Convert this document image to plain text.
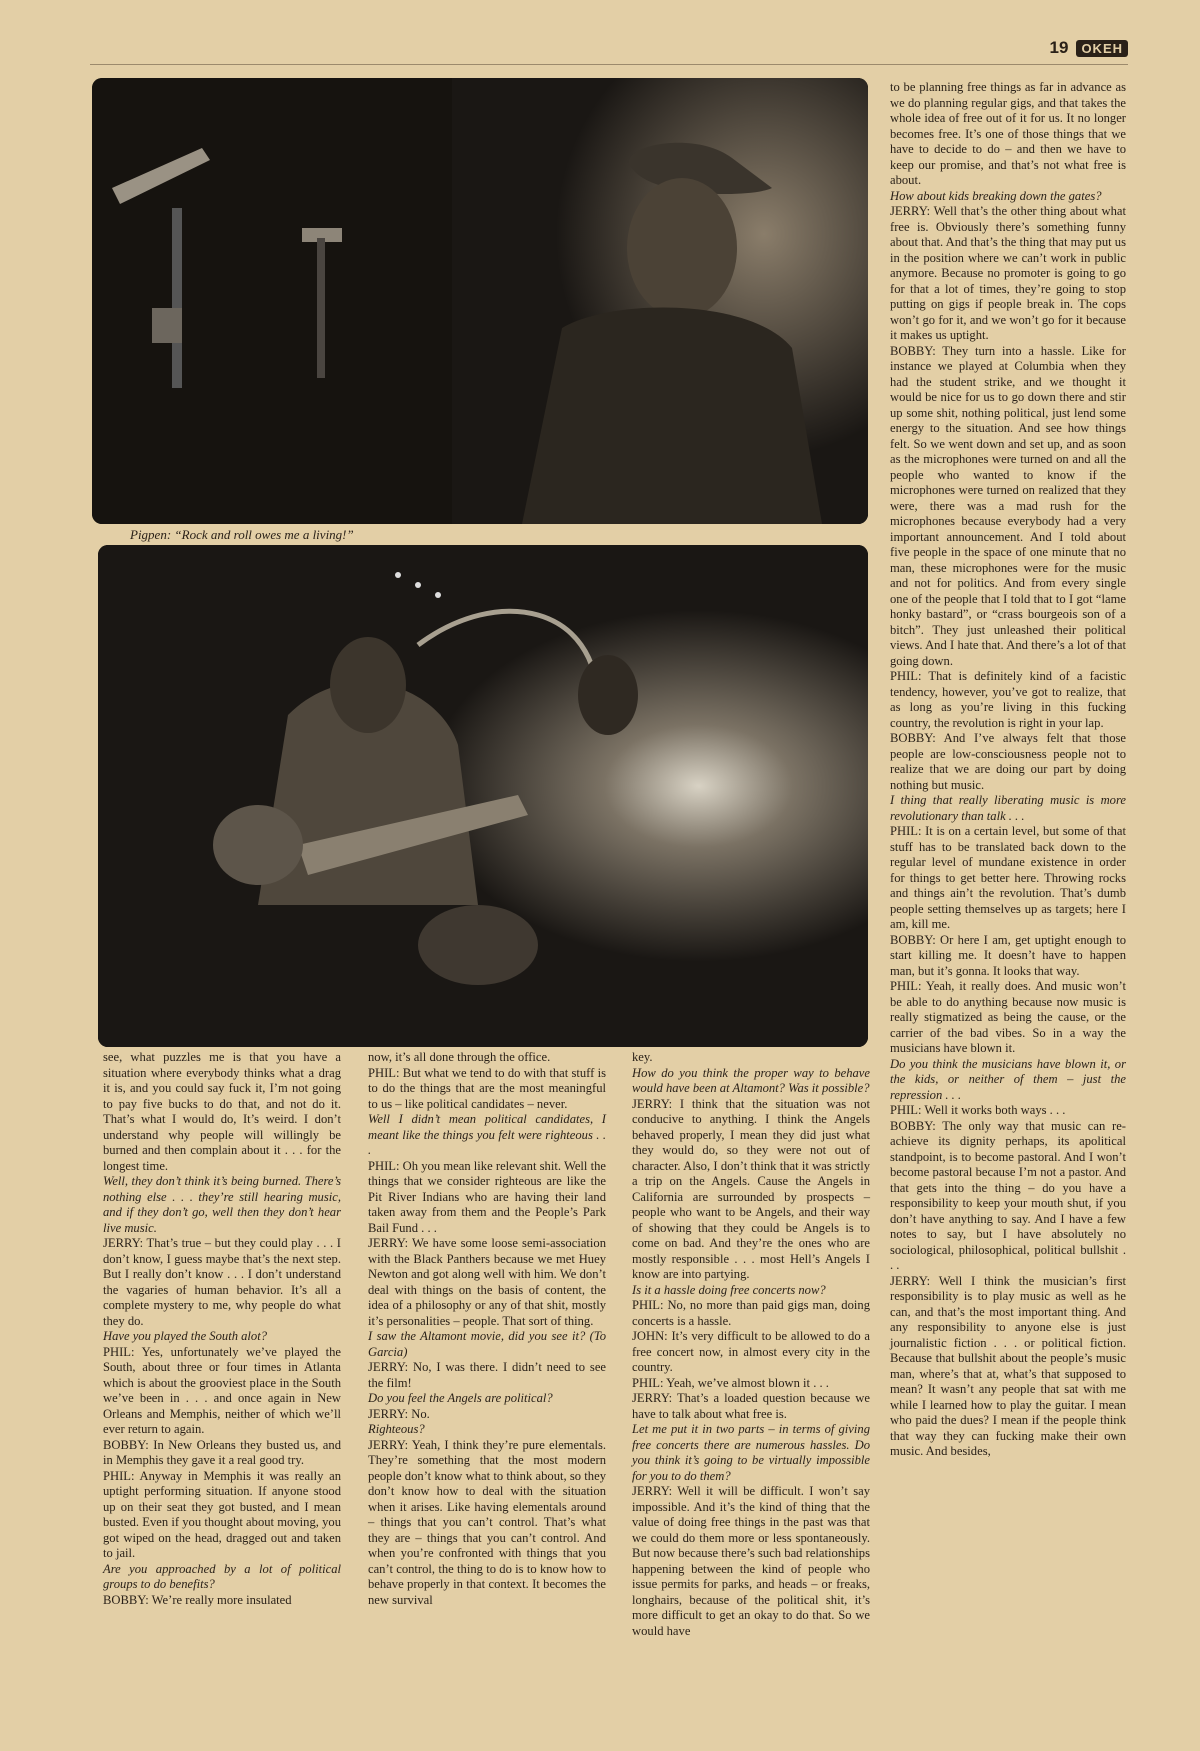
19	OKEH
Pigpen: “Rock and roll owes me a living!”

to be planning free things as far in advance as we do planning regular gigs, and that takes the whole idea of free out of it for us. It no longer becomes free. It’s one of those things that we have to decide to do – and then we have to keep our promise, and that’s not what free is about.

How about kids breaking down the gates?

JERRY: Well that’s the other thing about what free is. Obviously there’s something funny about that. And that’s the thing that may put us in the position where we can’t work in public anymore. Because no promoter is going to go for that a lot of times, they’re going to stop putting on gigs if people break in. The cops won’t go for it, and we won’t go for it because it makes us uptight.

BOBBY: They turn into a hassle. Like for instance we played at Columbia when they had the student strike, and we thought it would be nice for us to go down there and stir up some shit, nothing political, just lend some energy to the situation. And see how things felt. So we went down and set up, and as soon as the microphones were turned on and all the people who wanted to know if the microphones were turned on realized that they were, there was a mad rush for the microphones because everybody had a very important announcement. And I told about five people in the space of one minute that no man, these microphones were for the music and not for politics. And from every single one of the people that I told that to I got “lame honky bastard”, or “crass bourgeois son of a bitch”. They just unleashed their political views. And I hate that. And there’s a lot of that going down.

PHIL: That is definitely kind of a facistic tendency, however, you’ve got to realize, that as long as you’re living in this fucking country, the revolution is right in your lap.

BOBBY: And I’ve always felt that those people are low-consciousness people not to realize that we are doing our part by doing nothing but music.

I thing that really liberating music is more revolutionary than talk . . .

PHIL: It is on a certain level, but some of that stuff has to be translated back down to the regular level of mundane existence in order for things to get better here. Throwing rocks and things ain’t the revolution. That’s dumb people setting themselves up as targets; here I am, kill me.

BOBBY: Or here I am, get uptight enough to start killing me. It doesn’t have to happen man, but it’s gonna. It looks that way.

PHIL: Yeah, it really does. And music won’t be able to do anything because now music is really stigmatized as being the cause, or the carrier of the bad vibes. So in a way the musicians have blown it.

Do you think the musicians have blown it, or the kids, or neither of them – just the repression . . .

PHIL: Well it works both ways . . .

BOBBY: The only way that music can re-achieve its dignity perhaps, its apolitical standpoint, is to become pastoral. And I won’t become pastoral because I’m not a pastor. And that gets into the thing – do you have a responsibility to keep your mouth shut, if you don’t have anything to say. And I have a few notes to say, but I have absolutely no sociological, philosophical, political bullshit . . .

JERRY: Well I think the musician’s first responsibility is to play music as well as he can, and that’s the most important thing. And any responsibility to anyone else is just journalistic fiction . . . or political fiction. Because that bullshit about the people’s music man, where’s that at, what’s that supposed to mean? It wasn’t any people that sat with me while I learned how to play the guitar. I mean who paid the dues? I mean if the people think that way they can fucking make their own music. And besides,

see, what puzzles me is that you have a situation where everybody thinks what a drag it is, and you could say fuck it, I’m not going to pay five bucks to do that, and not do it. That’s what I would do, It’s weird. I don’t understand why people will willingly be burned and then complain about it . . . for the longest time.

Well, they don’t think it’s being burned. There’s nothing else . . . they’re still hearing music, and if they don’t go, well then they don’t hear live music.

JERRY: That’s true – but they could play . . . I don’t know, I guess maybe that’s the next step. But I really don’t know . . . I don’t understand the vagaries of human behavior. It’s all a complete mystery to me, why people do what they do.

Have you played the South alot?

PHIL: Yes, unfortunately we’ve played the South, about three or four times in Atlanta which is about the grooviest place in the South we’ve been in . . . and once again in New Orleans and Memphis, neither of which we’ll ever return to again.

BOBBY: In New Orleans they busted us, and in Memphis they gave it a real good try.

PHIL: Anyway in Memphis it was really an uptight performing situation. If anyone stood up on their seat they got busted, and I mean busted. Even if you thought about moving, you got wiped on the head, dragged out and taken to jail.

Are you approached by a lot of political groups to do benefits?

BOBBY: We’re really more insulated

now, it’s all done through the office.

PHIL: But what we tend to do with that stuff is to do the things that are the most meaningful to us – like political candidates – never.

Well I didn’t mean political candidates, I meant like the things you felt were righteous . . .

PHIL: Oh you mean like relevant shit. Well the things that we consider righteous are like the Pit River Indians who are having their land taken away from them and the People’s Park Bail Fund . . .

JERRY: We have some loose semi-association with the Black Panthers because we met Huey Newton and got along well with him. We don’t deal with things on the basis of content, the idea of a philosophy or any of that shit, mostly it’s personalities – people. That sort of thing.

I saw the Altamont movie, did you see it? (To Garcia)

JERRY: No, I was there. I didn’t need to see the film!

Do you feel the Angels are political?

JERRY: No.

Righteous?

JERRY: Yeah, I think they’re pure elementals. They’re something that the most modern people don’t know what to think about, so they don’t know how to deal with the situation when it arises. Like having elementals around – things that you can’t control. That’s what they are – things that you can’t control. And when you’re confronted with things that you can’t control, the thing to do is to know how to behave properly in that context. It becomes the new survival

key.

How do you think the proper way to behave would have been at Altamont? Was it possible?

JERRY: I think that the situation was not conducive to anything. I think the Angels behaved properly, I mean they did just what they would do, so they were not out of character. Also, I don’t think that it was strictly a trip on the Angels. Cause the Angels in California are surrounded by prospects – people who want to be Angels, and their way of showing that they could be Angels is to come on bad. And they’re the ones who are mostly responsible . . . most Hell’s Angels I know are into partying.

Is it a hassle doing free concerts now?

PHIL: No, no more than paid gigs man, doing concerts is a hassle.

JOHN: It’s very difficult to be allowed to do a free concert now, in almost every city in the country.

PHIL: Yeah, we’ve almost blown it . . .

JERRY: That’s a loaded question because we have to talk about what free is.

Let me put it in two parts – in terms of giving free concerts there are numerous hassles. Do you think it’s going to be virtually impossible for you to do them?

JERRY: Well it will be difficult. I won’t say impossible. And it’s the kind of thing that the value of doing free things in the past was that we could do them more or less spontaneously. But now because there’s such bad relationships happening between the kind of people who issue permits for parks, and heads – or freaks, longhairs, because of the political shit, it’s more difficult to get an okay to do that. So we would have
